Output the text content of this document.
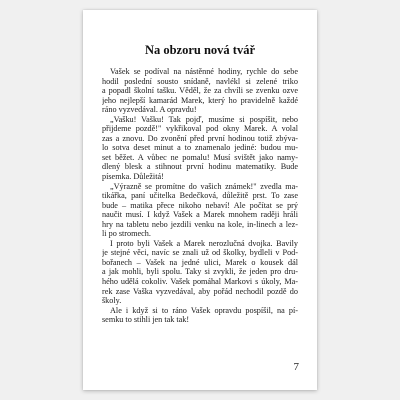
Na obzoru nová tvář
Vašek se podíval na nástěnné hodiny, rychle do sebe
hodil poslední sousto snídaně, navlékl si zelené triko
a popadl školní tašku. Věděl, že za chvíli se zvenku ozve
jeho nejlepší kamarád Marek, který ho pravidelně každé
ráno vyzvedával. A opravdu!
„Vašku! Vašku! Tak pojď, musíme si pospíšit, nebo
přijdeme pozdě!" vykřikoval pod okny Marek. A volal
zas a znovu. Do zvonění před první hodinou totiž zbýva-
lo sotva deset minut a to znamenalo jediné: budou mu-
set běžet. A vůbec ne pomalu! Musí svištět jako namy-
dlený blesk a stihnout první hodinu matematiky. Bude
písemka. Důležitá!
„Výrazně se promítne do vašich známek!" zvedla ma-
tikářka, paní učitelka Bedečková, důležitě prst. To zase
bude – matika přece nikoho nebaví! Ale počítat se prý
naučit musí. I když Vašek a Marek mnohem raději hráli
hry na tabletu nebo jezdili venku na kole, in-linech a lez-
li po stromech.
I proto byli Vašek a Marek nerozlučná dvojka. Bavily
je stejné věci, navíc se znali už od školky, bydleli v Pod-
bořanech – Vašek na jedné ulici, Marek o kousek dál
a jak mohli, byli spolu. Taky si zvykli, že jeden pro dru-
hého udělá cokoliv. Vašek pomáhal Markovi s úkoly, Ma-
rek zase Vaška vyzvedával, aby pořád nechodil pozdě do
školy.
Ale i když si to ráno Vašek opravdu pospíšil, na pí-
semku to stihli jen tak tak!
7
